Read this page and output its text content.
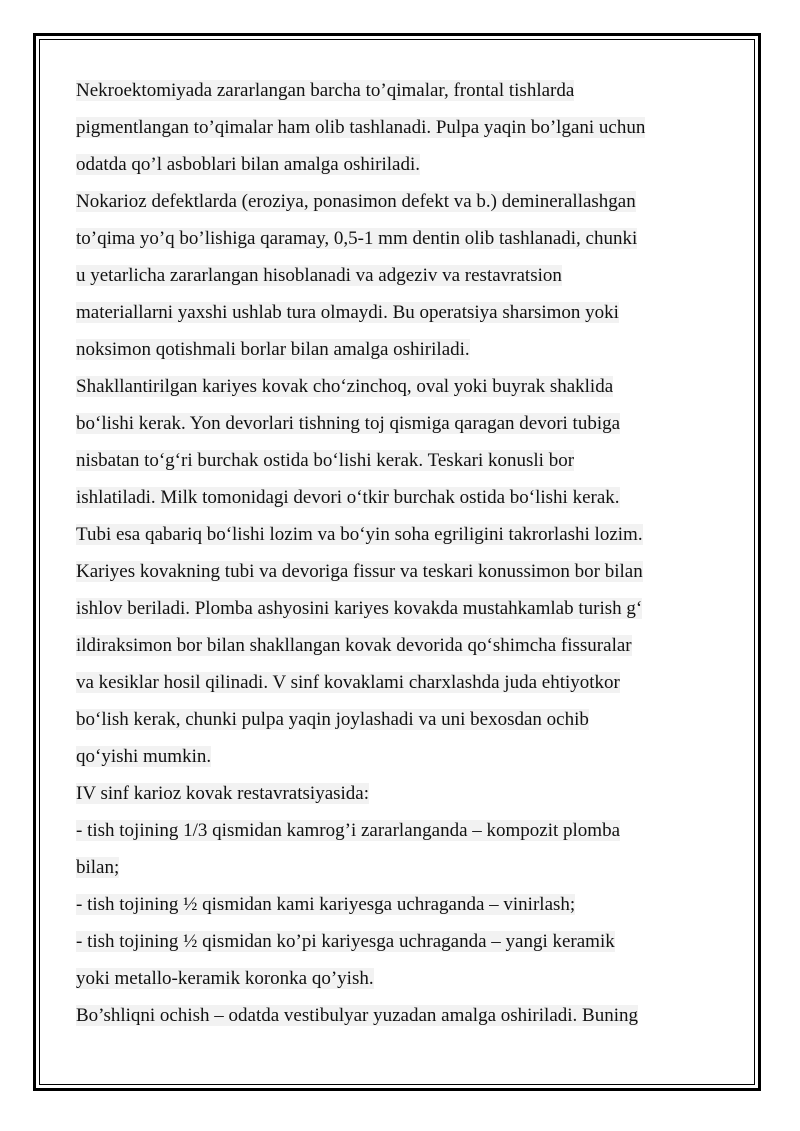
Nekroektomiyada zararlangan barcha to’qimalar, frontal tishlarda
pigmentlangan to’qimalar ham olib tashlanadi. Pulpa yaqin bo’lgani uchun
odatda qo’l asboblari bilan amalga oshiriladi.
Nokarioz defektlarda (eroziya, ponasimon defekt va b.) deminerallashgan
to’qima yo’q bo’lishiga qaramay, 0,5-1 mm dentin olib tashlanadi, chunki
u yetarlicha zararlangan hisoblanadi va adgeziv va restavratsion
materiallarni yaxshi ushlab tura olmaydi. Bu operatsiya sharsimon yoki
noksimon qotishmali borlar bilan amalga oshiriladi.
Shakllantirilgan kariyes kovak choʻzinchoq, oval yoki buyrak shaklida
boʻlishi kerak. Yon devorlari tishning toj qismiga qaragan devori tubiga
nisbatan toʻgʻri burchak ostida boʻlishi kerak. Teskari konusli bor
ishlatiladi. Milk tomonidagi devori oʻtkir burchak ostida boʻlishi kerak.
Tubi esa qabariq boʻlishi lozim va boʻyin soha egriligini takrorlashi lozim.
Kariyes kovakning tubi va devoriga fissur va teskari konussimon bor bilan
ishlov beriladi. Plomba ashyosini kariyes kovakda mustahkamlab turish gʻ
ildiraksimon bor bilan shakllangan kovak devorida qoʻshimcha fissuralar
va kesiklar hosil qilinadi. V sinf kovaklami charxlashda juda ehtiyotkor
boʻlish kerak, chunki pulpa yaqin joylashadi va uni bexosdan ochib
qoʻyishi mumkin.
IV sinf karioz kovak restavratsiyasida:
- tish tojining 1/3 qismidan kamrog’i zararlanganda – kompozit plomba
bilan;
- tish tojining ½ qismidan kami kariyesga uchraganda – vinirlash;
- tish tojining ½ qismidan ko’pi kariyesga uchraganda – yangi keramik
yoki metallo-keramik koronka qo’yish.
Bo’shliqni ochish – odatda vestibulyar yuzadan amalga oshiriladi. Buning
